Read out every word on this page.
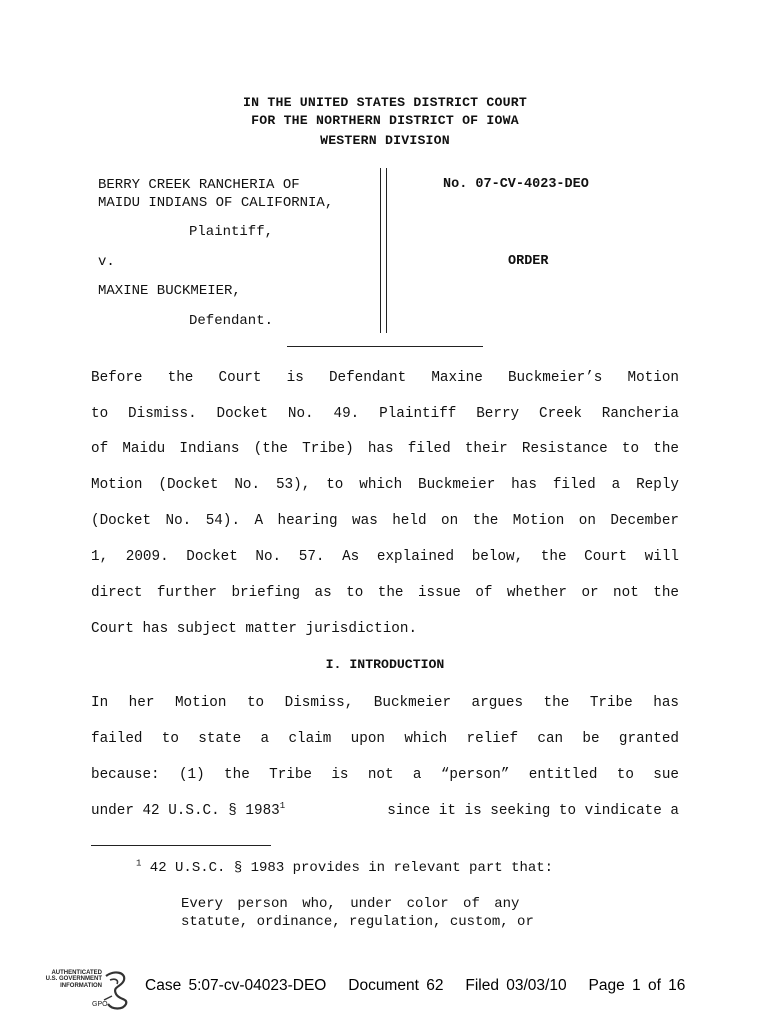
IN THE UNITED STATES DISTRICT COURT
FOR THE NORTHERN DISTRICT OF IOWA
WESTERN DIVISION
BERRY CREEK RANCHERIA OF
MAIDU INDIANS OF CALIFORNIA,
Plaintiff,
v.
MAXINE BUCKMEIER,
Defendant.
No. 07-CV-4023-DEO
ORDER
Before the Court is Defendant Maxine Buckmeier’s Motion
to Dismiss. Docket No. 49. Plaintiff Berry Creek Rancheria
of Maidu Indians (the Tribe) has filed their Resistance to the
Motion (Docket No. 53), to which Buckmeier has filed a Reply
(Docket No. 54). A hearing was held on the Motion on December
1, 2009. Docket No. 57. As explained below, the Court will
direct further briefing as to the issue of whether or not the
Court has subject matter jurisdiction.
I. INTRODUCTION
In her Motion to Dismiss, Buckmeier argues the Tribe has
failed to state a claim upon which relief can be granted
because: (1) the Tribe is not a “person” entitled to sue
under 42 U.S.C. § 1983$^1$	since it is seeking to vindicate a
$^1$ 42 U.S.C. § 1983 provides in relevant part that:
Every person who, under color of any
statute, ordinance, regulation, custom, or
AUTHENTICATED U.S. GOVERNMENT INFORMATION
GPO
Case 5:07-cv-04023-DEO   Document 62   Filed 03/03/10   Page 1 of 16
